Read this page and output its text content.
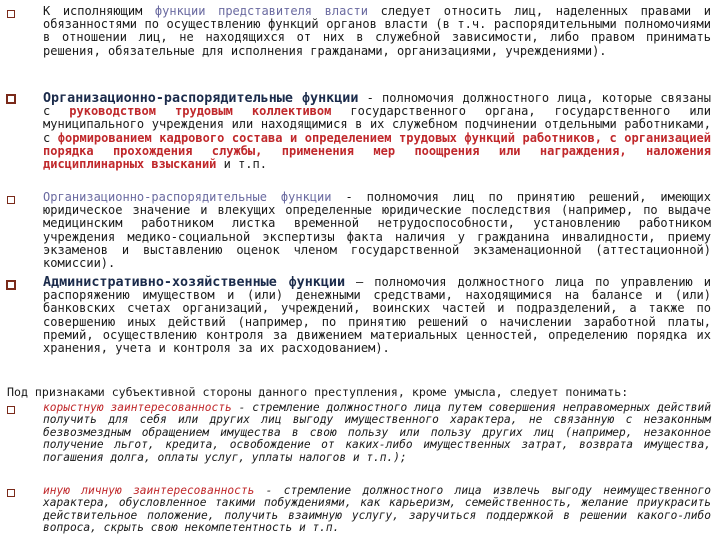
К исполняющим функции представителя власти следует относить лиц, наделенных правами и обязанностями по осуществлению функций органов власти (в т.ч. распорядительными полномочиями в отношении лиц, не находящихся от них в служебной зависимости, либо правом принимать решения, обязательные для исполнения гражданами, организациями, учреждениями).
Организационно-распорядительные функции - полномочия должностного лица, которые связаны с руководством трудовым коллективом государственного органа, государственного или муниципального учреждения или находящимися в их служебном подчинении отдельными работниками, с формированием кадрового состава и определением трудовых функций работников, с организацией порядка прохождения службы, применения мер поощрения или награждения, наложения дисциплинарных взысканий и т.п.
Организационно-распорядительные функции - полномочия лиц по принятию решений, имеющих юридическое значение и влекущих определенные юридические последствия (например, по выдаче медицинским работником листка временной нетрудоспособности, установлению работником учреждения медико-социальной экспертизы факта наличия у гражданина инвалидности, приему экзаменов и выставлению оценок членом государственной экзаменационной (аттестационной) комиссии).
Административно-хозяйственные функции – полномочия должностного лица по управлению и распоряжению имуществом и (или) денежными средствами, находящимися на балансе и (или) банковских счетах организаций, учреждений, воинских частей и подразделений, а также по совершению иных действий (например, по принятию решений о начислении заработной платы, премий, осуществлению контроля за движением материальных ценностей, определению порядка их хранения, учета и контроля за их расходованием).
Под признаками субъективной стороны данного преступления, кроме умысла, следует понимать:
корыстную заинтересованность - стремление должностного лица путем совершения неправомерных действий получить для себя или других лиц выгоду имущественного характера, не связанную с незаконным безвозмездным обращением имущества в свою пользу или пользу других лиц (например, незаконное получение льгот, кредита, освобождение от каких-либо имущественных затрат, возврата имущества, погашения долга, оплаты услуг, уплаты налогов и т.п.);
иную личную заинтересованность - стремление должностного лица извлечь выгоду неимущественного характера, обусловленное такими побуждениями, как карьеризм, семейственность, желание приукрасить действительное положение, получить взаимную услугу, заручиться поддержкой в решении какого-либо вопроса, скрыть свою некомпетентность и т.п.
